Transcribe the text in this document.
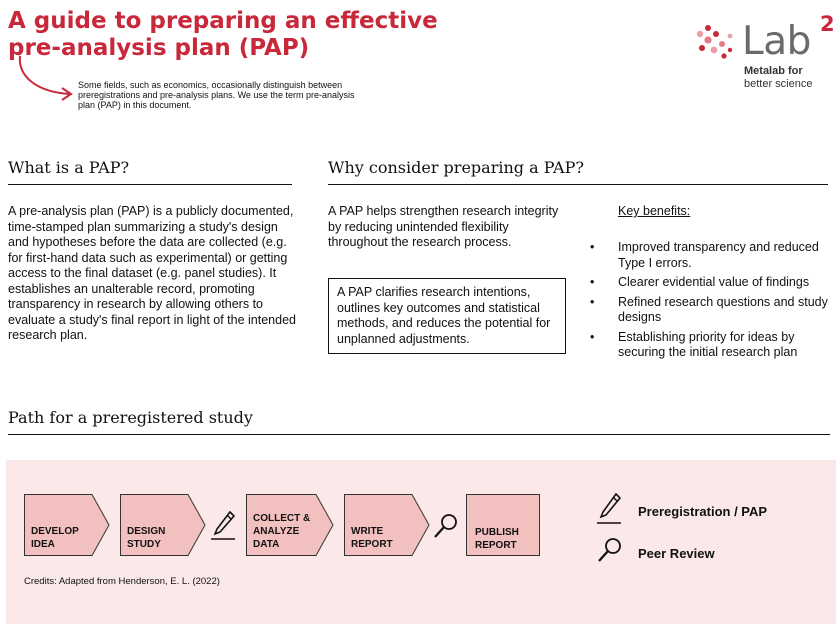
A guide to preparing an effective
pre-analysis plan (PAP)
Some fields, such as economics, occasionally distinguish between preregistrations and pre-analysis plans. We use the term pre-analysis plan (PAP) in this document.
Lab 2
Metalab for
better science
What is a PAP?
A pre-analysis plan (PAP) is a publicly documented, time-stamped plan summarizing a study's design and hypotheses before the data are collected (e.g. for first-hand data such as experimental) or getting access to the final dataset (e.g. panel studies). It establishes an unalterable record, promoting transparency in research by allowing others to evaluate a study's final report in light of the intended research plan.
Why consider preparing a PAP?
A PAP helps strengthen research integrity by reducing unintended flexibility throughout the research process.
A PAP clarifies research intentions, outlines key outcomes and statistical methods, and reduces the potential for unplanned adjustments.
Key benefits:
• Improved transparency and reduced Type I errors.
• Clearer evidential value of findings
• Refined research questions and study designs
• Establishing priority for ideas by securing the initial research plan
Path for a preregistered study
DEVELOP
IDEA
DESIGN
STUDY
COLLECT &
ANALYZE
DATA
WRITE
REPORT
PUBLISH
REPORT
Preregistration / PAP
Peer Review
Credits: Adapted from Henderson, E. L. (2022)
